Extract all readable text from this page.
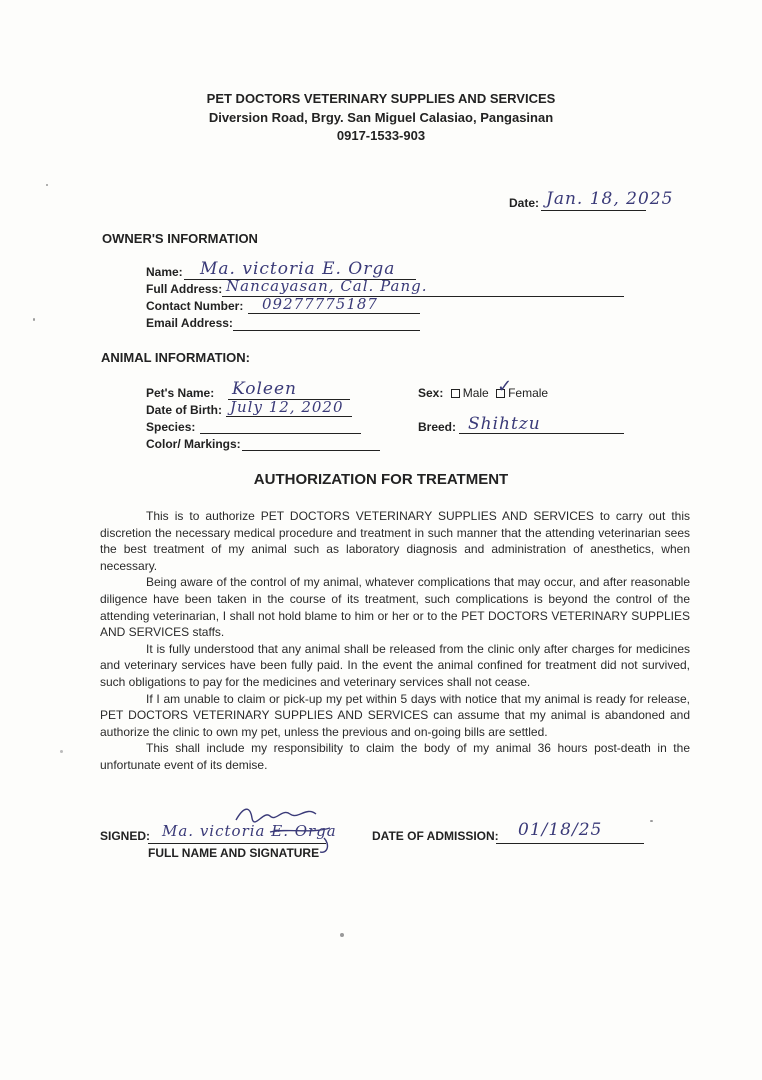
PET DOCTORS VETERINARY SUPPLIES AND SERVICES
Diversion Road, Brgy. San Miguel Calasiao, Pangasinan
0917-1533-903
Date: Jan. 18, 2025
OWNER'S INFORMATION
Name: Ma. victoria E. Orga
Full Address: Nancayasan, Cal. Pang.
Contact Number: 09277775187
Email Address:
ANIMAL INFORMATION:
Pet's Name: Koleen
Date of Birth: July 12, 2020
Species:
Color/ Markings:
Sex: Male ✓
Female
Breed: Shihtzu
AUTHORIZATION FOR TREATMENT

This is to authorize PET DOCTORS VETERINARY SUPPLIES AND SERVICES to carry out this discretion the necessary medical procedure and treatment in such manner that the attending veterinarian sees the best treatment of my animal such as laboratory diagnosis and administration of anesthetics, when necessary.

Being aware of the control of my animal, whatever complications that may occur, and after reasonable diligence have been taken in the course of its treatment, such complications is beyond the control of the attending veterinarian, I shall not hold blame to him or her or to the PET DOCTORS VETERINARY SUPPLIES AND SERVICES staffs.

It is fully understood that any animal shall be released from the clinic only after charges for medicines and veterinary services have been fully paid. In the event the animal confined for treatment did not survived, such obligations to pay for the medicines and veterinary services shall not cease.

If I am unable to claim or pick-up my pet within 5 days with notice that my animal is ready for release, PET DOCTORS VETERINARY SUPPLIES AND SERVICES can assume that my animal is abandoned and authorize the clinic to own my pet, unless the previous and on-going bills are settled.

This shall include my responsibility to claim the body of my animal 36 hours post-death in the unfortunate event of its demise.

SIGNED: Ma. victoria E. Orga
FULL NAME AND SIGNATURE
DATE OF ADMISSION: 01/18/25
